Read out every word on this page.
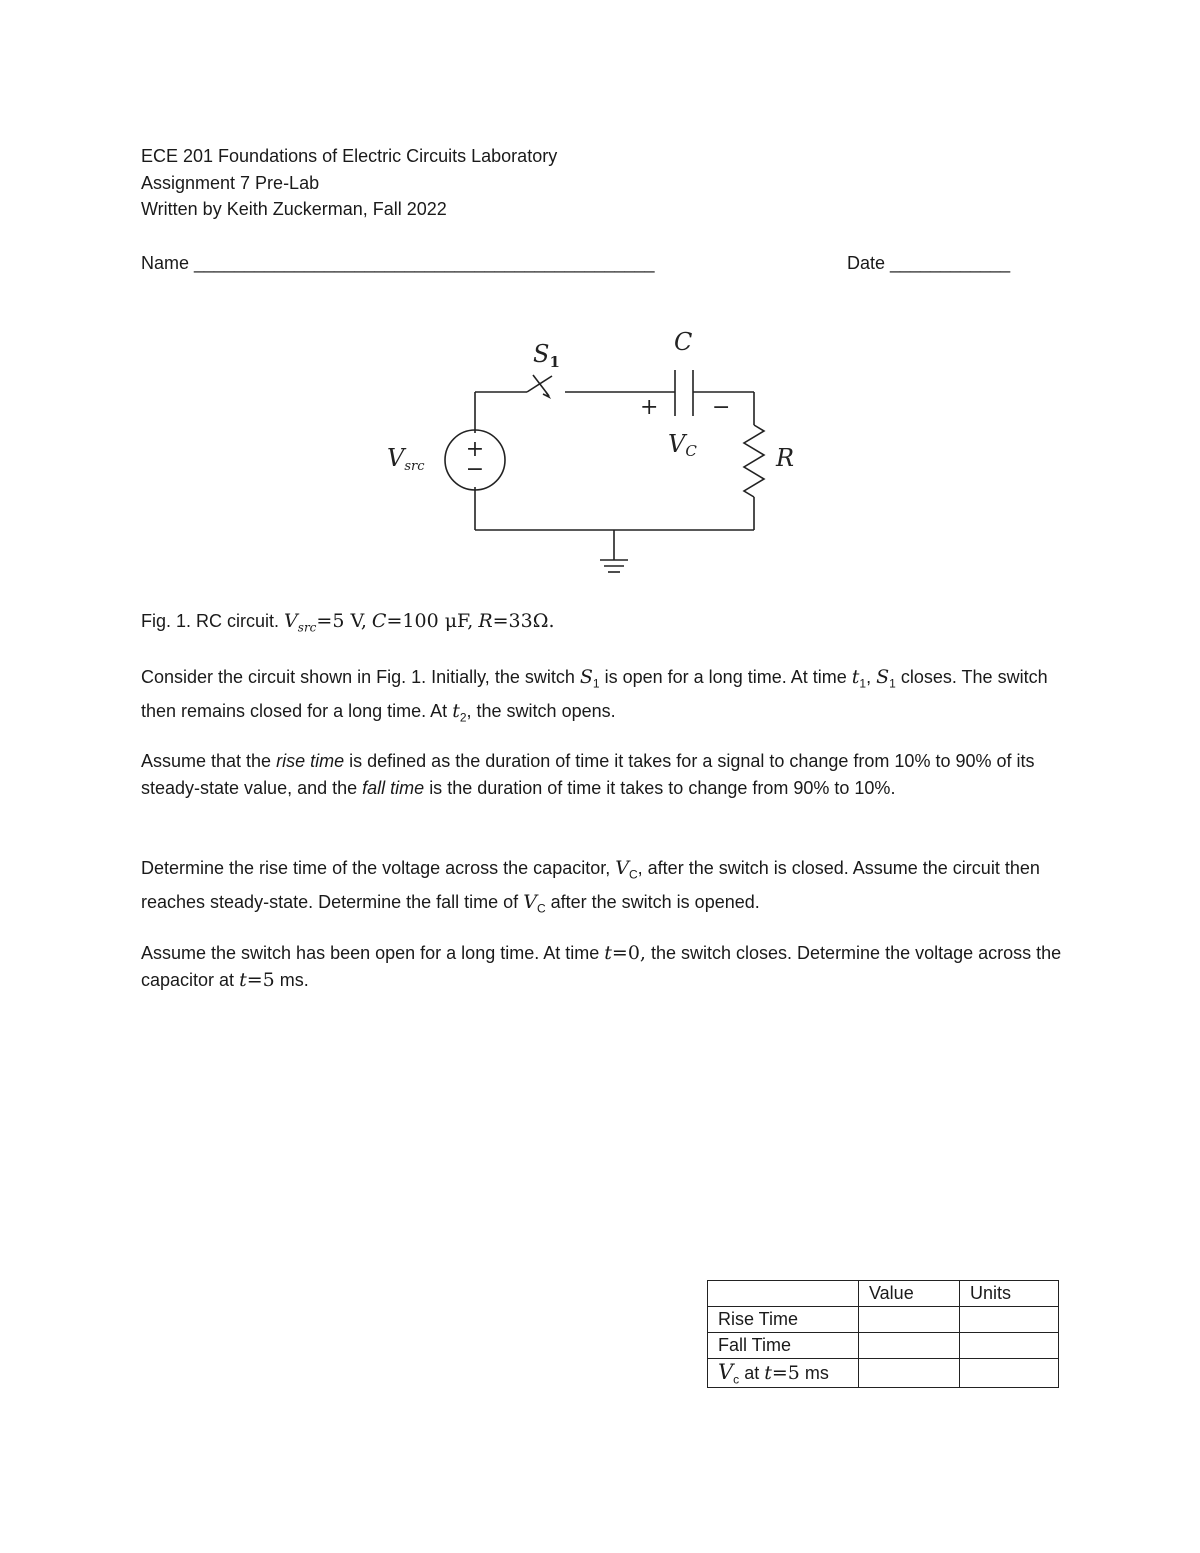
ECE 201 Foundations of Electric Circuits Laboratory
Assignment 7 Pre-Lab
Written by Keith Zuckerman, Fall 2022
Name ______________________________________________	Date ____________
+
−
$S_1$
C
+ −
VC	R
Vsrc
Fig. 1. RC circuit. $V_{src}=5$ V, C=100 μF, R=33Ω.
Consider the circuit shown in Fig. 1. Initially, the switch $S_1$ is open for a long time. At time $t_1$, $S_1$ closes. The switch then remains closed for a long time. At $t_2$, the switch opens.
Assume that the rise time is defined as the duration of time it takes for a signal to change from 10% to 90% of its steady-state value, and the fall time is the duration of time it takes to change from 90% to 10%.
Determine the rise time of the voltage across the capacitor, $V_C$, after the switch is closed. Assume the circuit then reaches steady-state. Determine the fall time of $V_C$ after the switch is opened.
Assume the switch has been open for a long time. At time t=0, the switch closes. Determine the voltage across the capacitor at t=5 ms.
	Value	Units
Rise Time		
Fall Time		
$V_c$ at t=5 ms		
